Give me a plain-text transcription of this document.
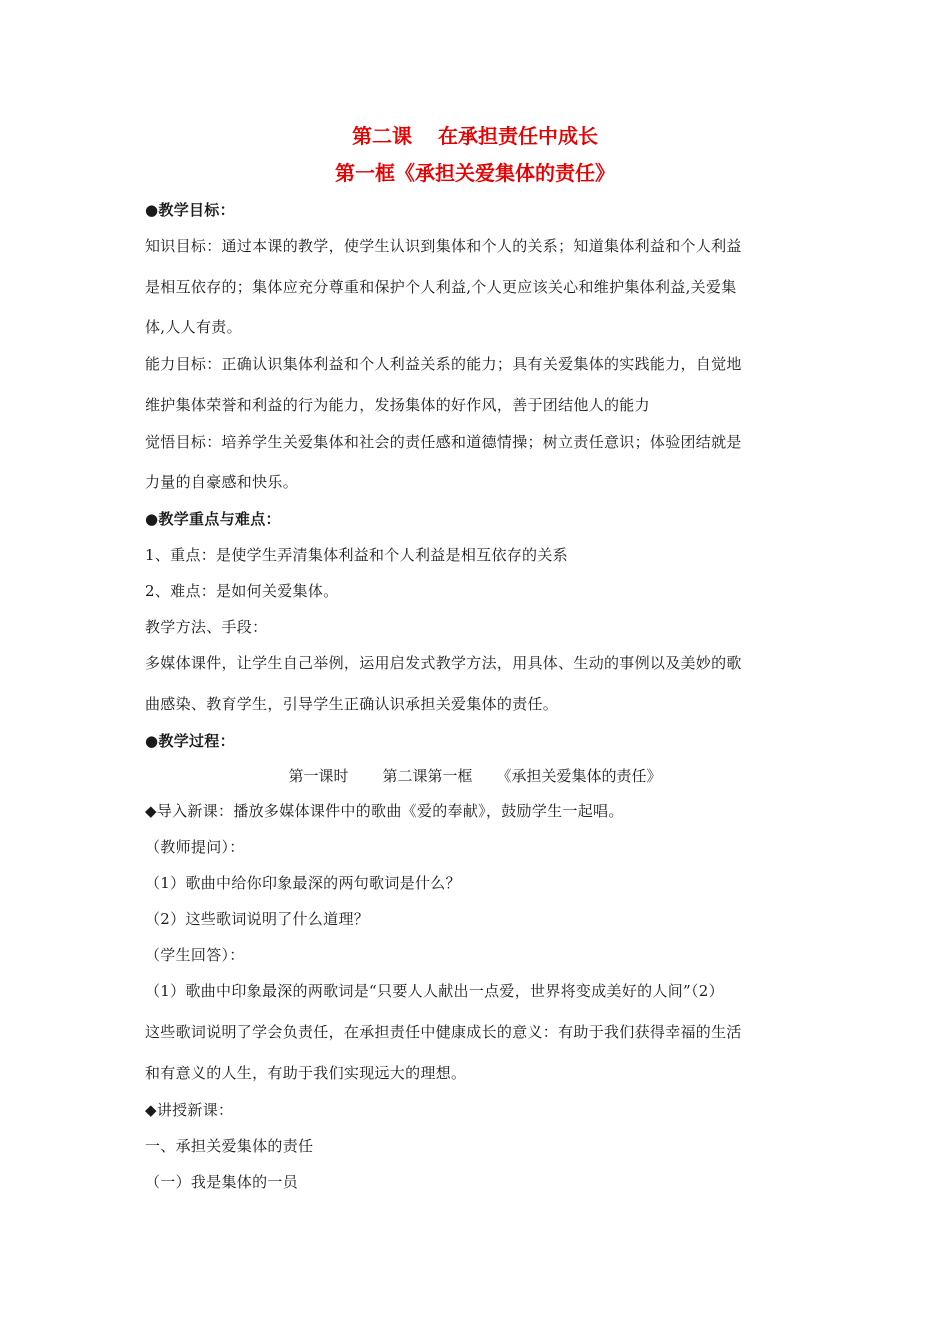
第二课 在承担责任中成长
第一框《承担关爱集体的责任》
●教学目标：
知识目标：通过本课的教学，使学生认识到集体和个人的关系；知道集体利益和个人利益
是相互依存的；集体应充分尊重和保护个人利益,个人更应该关心和维护集体利益,关爱集
体,人人有责。
能力目标：正确认识集体利益和个人利益关系的能力；具有关爱集体的实践能力，自觉地
维护集体荣誉和利益的行为能力，发扬集体的好作风，善于团结他人的能力
觉悟目标：培养学生关爱集体和社会的责任感和道德情操；树立责任意识；体验团结就是
力量的自豪感和快乐。
●教学重点与难点：
1、重点：是使学生弄清集体利益和个人利益是相互依存的关系
2、难点：是如何关爱集体。
教学方法、手段：
多媒体课件，让学生自己举例，运用启发式教学方法，用具体、生动的事例以及美妙的歌
曲感染、教育学生，引导学生正确认识承担关爱集体的责任。
●教学过程：
第一课时 第二课第一框 《承担关爱集体的责任》
◆导入新课：播放多媒体课件中的歌曲《爱的奉献》，鼓励学生一起唱。
（教师提问）：
（1）歌曲中给你印象最深的两句歌词是什么？
（2）这些歌词说明了什么道理？
（学生回答）：
（1）歌曲中印象最深的两歌词是“只要人人献出一点爱，世界将变成美好的人间”（2）
这些歌词说明了学会负责任，在承担责任中健康成长的意义：有助于我们获得幸福的生活
和有意义的人生，有助于我们实现远大的理想。
◆讲授新课：
一、承担关爱集体的责任
（一）我是集体的一员
